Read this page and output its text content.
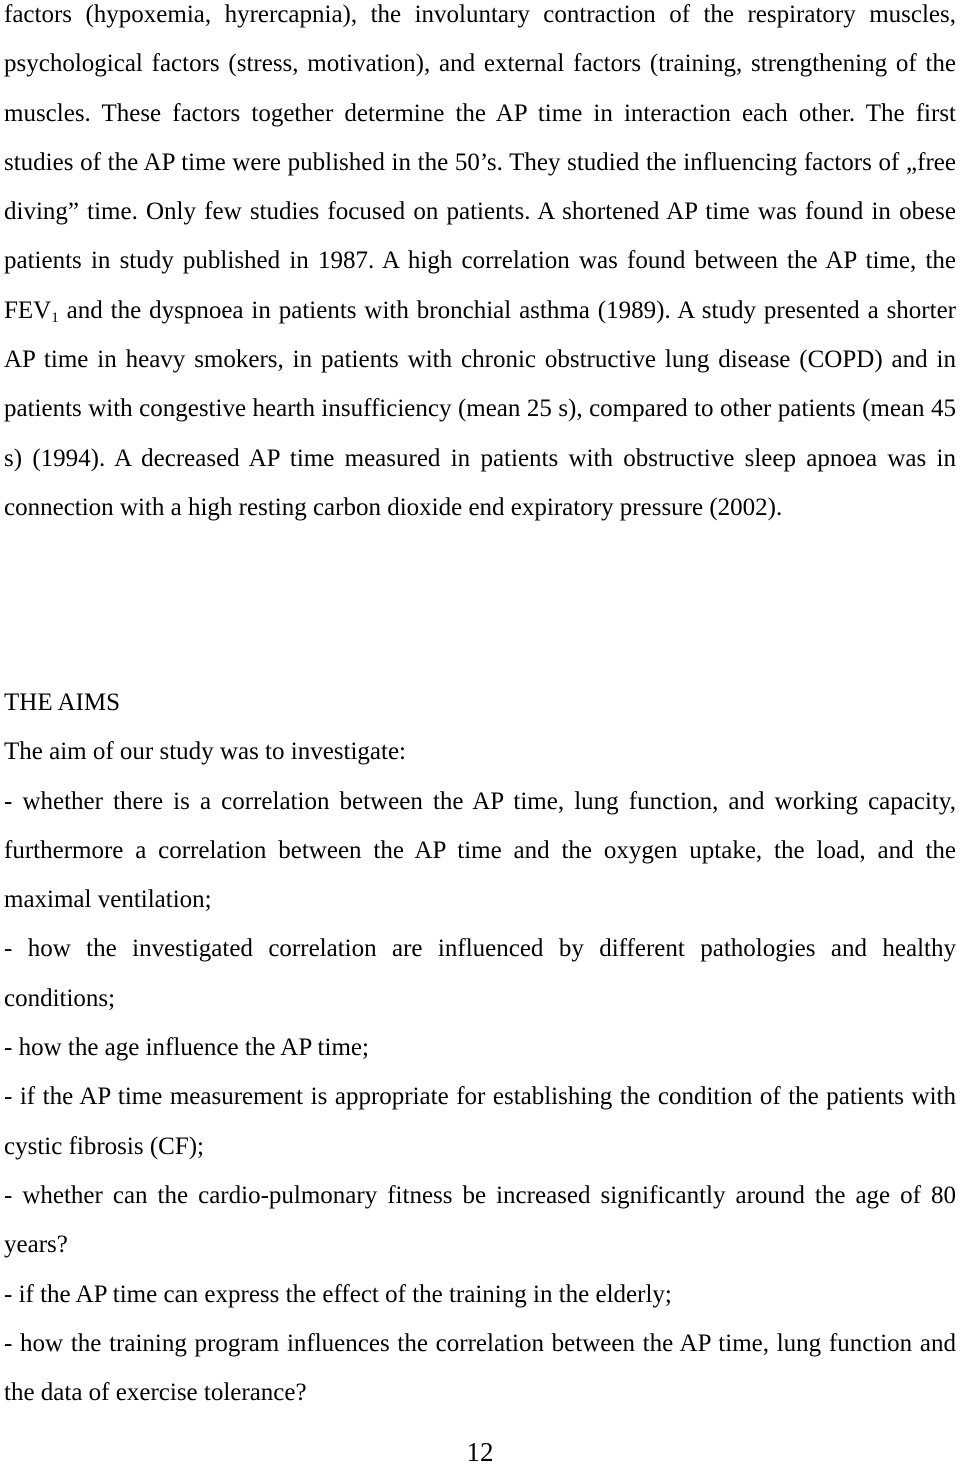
factors (hypoxemia, hyrercapnia), the involuntary contraction of the respiratory muscles, psychological factors (stress, motivation), and external factors (training, strengthening of the muscles. These factors together determine the AP time in interaction each other. The first studies of the AP time were published in the 50’s. They studied the influencing factors of „free diving” time. Only few studies focused on patients. A shortened AP time was found in obese patients in study published in 1987. A high correlation was found between the AP time, the $FEV_1$ and the dyspnoea in patients with bronchial asthma (1989). A study presented a shorter AP time in heavy smokers, in patients with chronic obstructive lung disease (COPD) and in patients with congestive hearth insufficiency (mean 25 s), compared to other patients (mean 45 s) (1994). A decreased AP time measured in patients with obstructive sleep apnoea was in connection with a high resting carbon dioxide end expiratory pressure (2002).

THE AIMS

The aim of our study was to investigate:

- whether there is a correlation between the AP time, lung function, and working capacity, furthermore a correlation between the AP time and the oxygen uptake, the load, and the maximal ventilation;

- how the investigated correlation are influenced by different pathologies and healthy conditions;

- how the age influence the AP time;

- if the AP time measurement is appropriate for establishing the condition of the patients with cystic fibrosis (CF);

- whether can the cardio-pulmonary fitness be increased significantly around the age of 80 years?

- if the AP time can express the effect of the training in the elderly;

- how the training program influences the correlation between the AP time, lung function and the data of exercise tolerance?

12
